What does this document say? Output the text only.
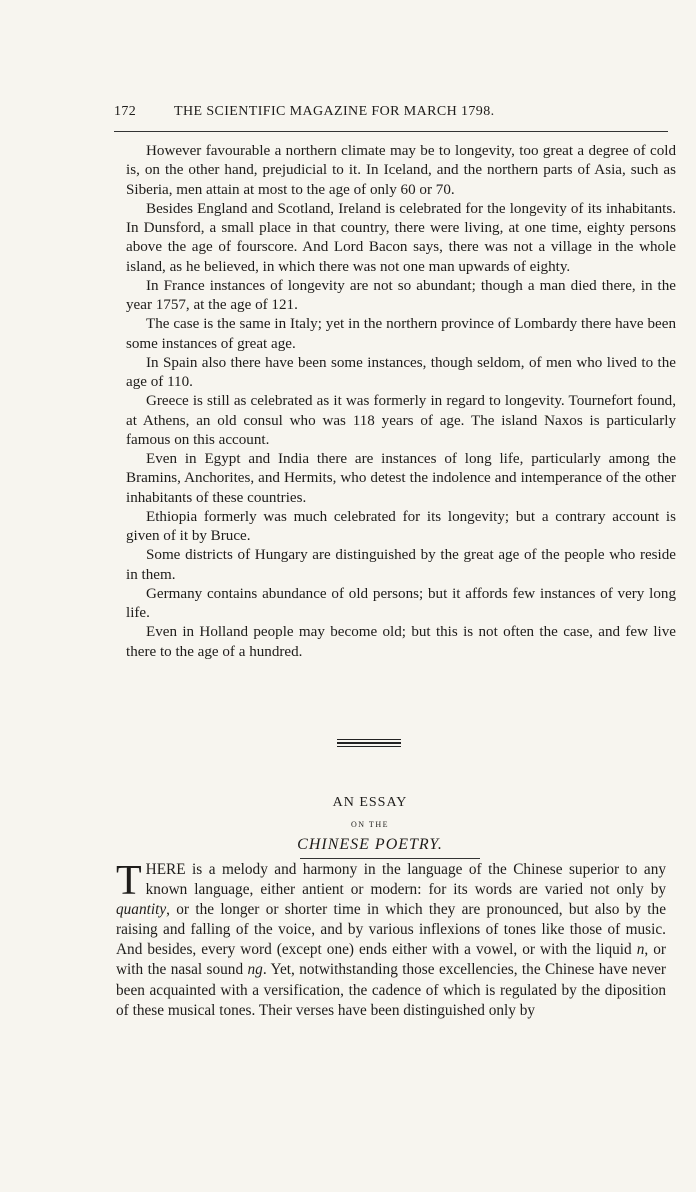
172	THE SCIENTIFIC MAGAZINE FOR MARCH 1798.

However favourable a northern climate may be to longevity, too great a degree of cold is, on the other hand, prejudicial to it. In Iceland, and the northern parts of Asia, such as Siberia, men attain at most to the age of only 60 or 70.

Besides England and Scotland, Ireland is celebrated for the longevity of its inhabitants. In Dunsford, a small place in that country, there were living, at one time, eighty persons above the age of fourscore. And Lord Bacon says, there was not a village in the whole island, as he believed, in which there was not one man upwards of eighty.

In France instances of longevity are not so abundant; though a man died there, in the year 1757, at the age of 121.

The case is the same in Italy; yet in the northern province of Lombardy there have been some instances of great age.

In Spain also there have been some instances, though seldom, of men who lived to the age of 110.

Greece is still as celebrated as it was formerly in regard to longevity. Tournefort found, at Athens, an old consul who was 118 years of age. The island Naxos is particularly famous on this account.

Even in Egypt and India there are instances of long life, particularly among the Bramins, Anchorites, and Hermits, who detest the indolence and intemperance of the other inhabitants of these countries.

Ethiopia formerly was much celebrated for its longevity; but a contrary account is given of it by Bruce.

Some districts of Hungary are distinguished by the great age of the people who reside in them.

Germany contains abundance of old persons; but it affords few instances of very long life.

Even in Holland people may become old; but this is not often the case, and few live there to the age of a hundred.

AN ESSAY
ON THE
CHINESE POETRY.

THERE is a melody and harmony in the language of the Chinese superior to any known language, either antient or modern: for its words are varied not only by quantity, or the longer or shorter time in which they are pronounced, but also by the raising and falling of the voice, and by various inflexions of tones like those of music. And besides, every word (except one) ends either with a vowel, or with the liquid n, or with the nasal sound ng. Yet, notwithstanding those excellencies, the Chinese have never been acquainted with a versification, the cadence of which is regulated by the diposition of these musical tones. Their verses have been distinguished only by
